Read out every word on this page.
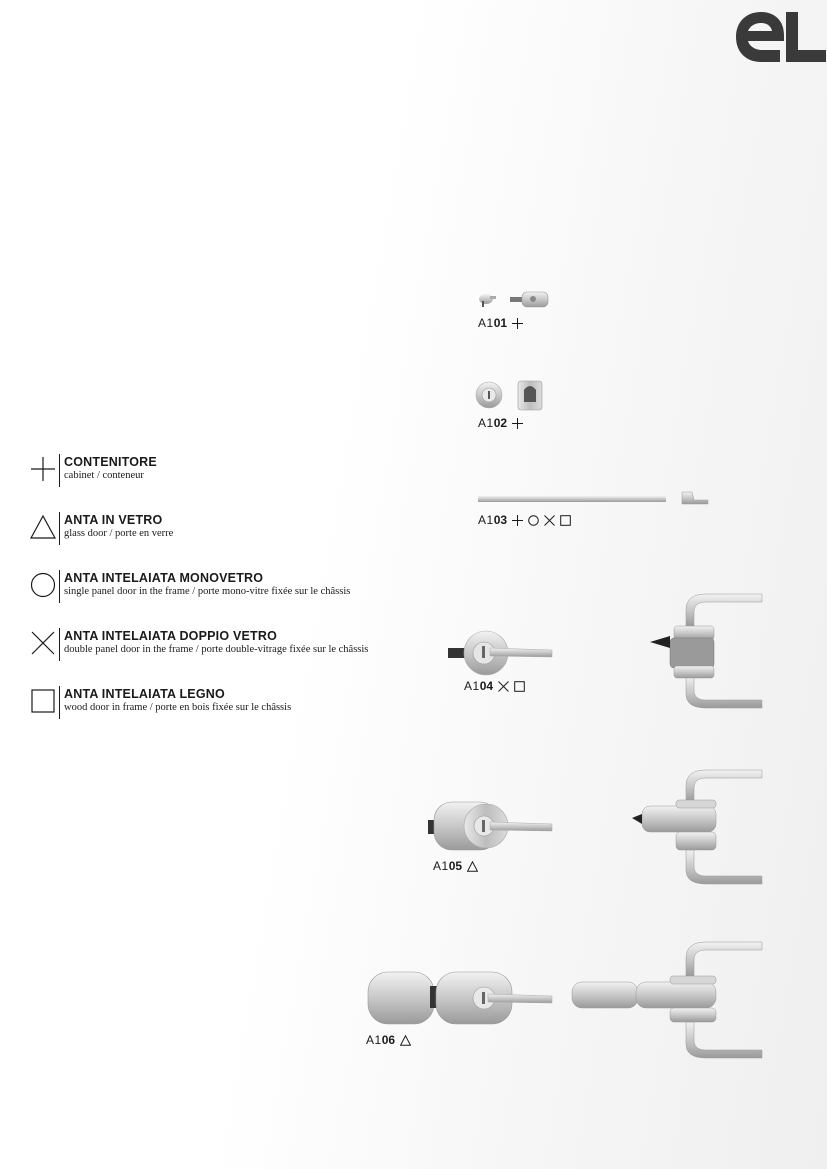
CONTENITORE
cabinet / conteneur
ANTA IN VETRO
glass door / porte en verre
ANTA INTELAIATA MONOVETRO
single panel door in the frame / porte mono-vitre fixée sur le châssis
ANTA INTELAIATA DOPPIO VETRO
double panel door in the frame / porte double-vitrage fixée sur le châssis
ANTA INTELAIATA LEGNO
wood door in frame / porte en bois fixée sur le châssis
A1 01
A1 02
A1 03
A1 04
A1 05
A1 06
